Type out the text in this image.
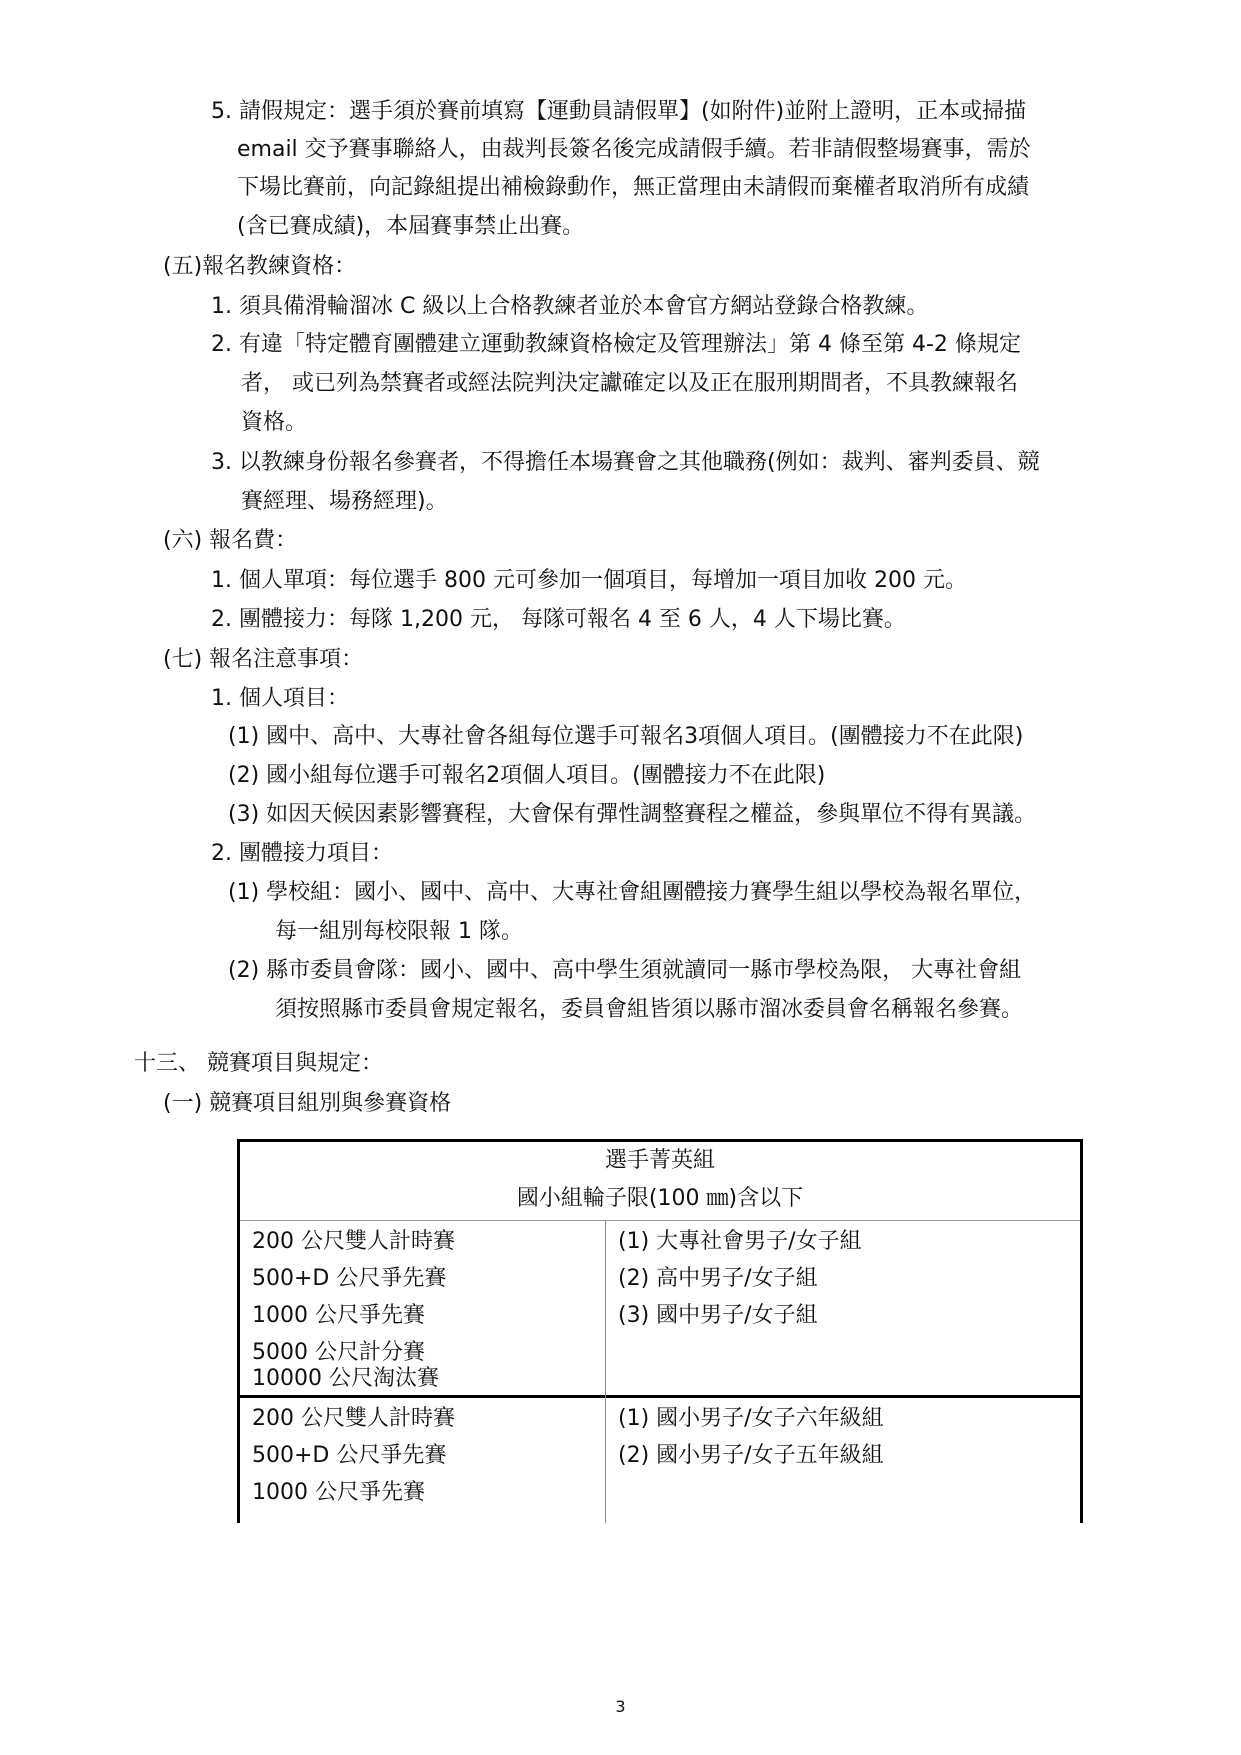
5. 請假規定：選手須於賽前填寫【運動員請假單】(如附件)並附上證明，正本或掃描
email 交予賽事聯絡人，由裁判長簽名後完成請假手續。若非請假整場賽事，需於
下場比賽前，向記錄組提出補檢錄動作，無正當理由未請假而棄權者取消所有成績
(含已賽成績)，本屆賽事禁止出賽。
(五)報名教練資格：
1. 須具備滑輪溜冰 C 級以上合格教練者並於本會官方網站登錄合格教練。
2. 有違「特定體育團體建立運動教練資格檢定及管理辦法」第 4 條至第 4-2 條規定
者， 或已列為禁賽者或經法院判決定讞確定以及正在服刑期間者，不具教練報名
資格。
3. 以教練身份報名參賽者，不得擔任本場賽會之其他職務(例如：裁判、審判委員、競
賽經理、場務經理)。
(六) 報名費：
1. 個人單項：每位選手 800 元可參加一個項目，每增加一項目加收 200 元。
2. 團體接力：每隊 1,200 元， 每隊可報名 4 至 6 人，4 人下場比賽。
(七) 報名注意事項：
1. 個人項目：
(1) 國中、高中、大專社會各組每位選手可報名3項個人項目。(團體接力不在此限)
(2) 國小組每位選手可報名2項個人項目。(團體接力不在此限)
(3) 如因天候因素影響賽程，大會保有彈性調整賽程之權益，參與單位不得有異議。
2. 團體接力項目：
(1) 學校組：國小、國中、高中、大專社會組團體接力賽學生組以學校為報名單位，
每一組別每校限報 1 隊。
(2) 縣市委員會隊：國小、國中、高中學生須就讀同一縣市學校為限， 大專社會組
須按照縣市委員會規定報名，委員會組皆須以縣市溜冰委員會名稱報名參賽。
十三、 競賽項目與規定：
(一) 競賽項目組別與參賽資格
選手菁英組
國小組輪子限(100 ㎜)含以下
200 公尺雙人計時賽
500+D 公尺爭先賽
1000 公尺爭先賽
5000 公尺計分賽
10000 公尺淘汰賽
(1) 大專社會男子/女子組
(2) 高中男子/女子組
(3) 國中男子/女子組
200 公尺雙人計時賽
500+D 公尺爭先賽
1000 公尺爭先賽
(1) 國小男子/女子六年級組
(2) 國小男子/女子五年級組
3
